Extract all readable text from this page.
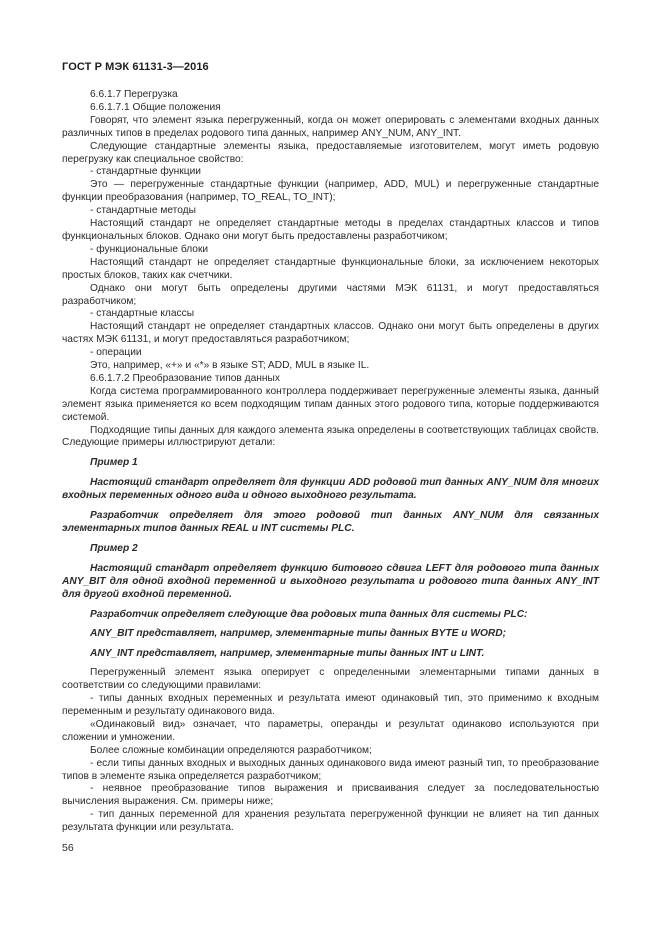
ГОСТ Р МЭК 61131-3—2016

6.6.1.7 Перегрузка

6.6.1.7.1 Общие положения

Говорят, что элемент языка перегруженный, когда он может оперировать с элементами входных данных различных типов в пределах родового типа данных, например ANY_NUM, ANY_INT.

Следующие стандартные элементы языка, предоставляемые изготовителем, могут иметь родовую перегрузку как специальное свойство:

- стандартные функции

Это — перегруженные стандартные функции (например, ADD, MUL) и перегруженные стандартные функции преобразования (например, TO_REAL, TO_INT);

- стандартные методы

Настоящий стандарт не определяет стандартные методы в пределах стандартных классов и типов функциональных блоков. Однако они могут быть предоставлены разработчиком;

- функциональные блоки

Настоящий стандарт не определяет стандартные функциональные блоки, за исключением некоторых простых блоков, таких как счетчики.

Однако они могут быть определены другими частями МЭК 61131, и могут предоставляться разработчиком;

- стандартные классы

Настоящий стандарт не определяет стандартных классов. Однако они могут быть определены в других частях МЭК 61131, и могут предоставляться разработчиком;

- операции

Это, например, «+» и «*» в языке ST; ADD, MUL в языке IL.

6.6.1.7.2 Преобразование типов данных

Когда система программированного контроллера поддерживает перегруженные элементы языка, данный элемент языка применяется ко всем подходящим типам данных этого родового типа, которые поддерживаются системой.

Подходящие типы данных для каждого элемента языка определены в соответствующих таблицах свойств. Следующие примеры иллюстрируют детали:

Пример 1

Настоящий стандарт определяет для функции ADD родовой тип данных ANY_NUM для многих входных переменных одного вида и одного выходного результата.

Разработчик определяет для этого родовой тип данных ANY_NUM для связанных элементарных типов данных REAL и INT системы PLC.

Пример 2

Настоящий стандарт определяет функцию битового сдвига LEFT для родового типа данных ANY_BIT для одной входной переменной и выходного результата и родового типа данных ANY_INT для другой входной переменной.

Разработчик определяет следующие два родовых типа данных для системы PLC:

ANY_BIT представляет, например, элементарные типы данных BYTE и WORD;

ANY_INT представляет, например, элементарные типы данных INT и LINT.

Перегруженный элемент языка оперирует с определенными элементарными типами данных в соответствии со следующими правилами:

- типы данных входных переменных и результата имеют одинаковый тип, это применимо к входным переменным и результату одинакового вида.

«Одинаковый вид» означает, что параметры, операнды и результат одинаково используются при сложении и умножении.

Более сложные комбинации определяются разработчиком;

- если типы данных входных и выходных данных одинакового вида имеют разный тип, то преобразование типов в элементе языка определяется разработчиком;

- неявное преобразование типов выражения и присваивания следует за последовательностью вычисления выражения. См. примеры ниже;

- тип данных переменной для хранения результата перегруженной функции не влияет на тип данных результата функции или результата.

56
